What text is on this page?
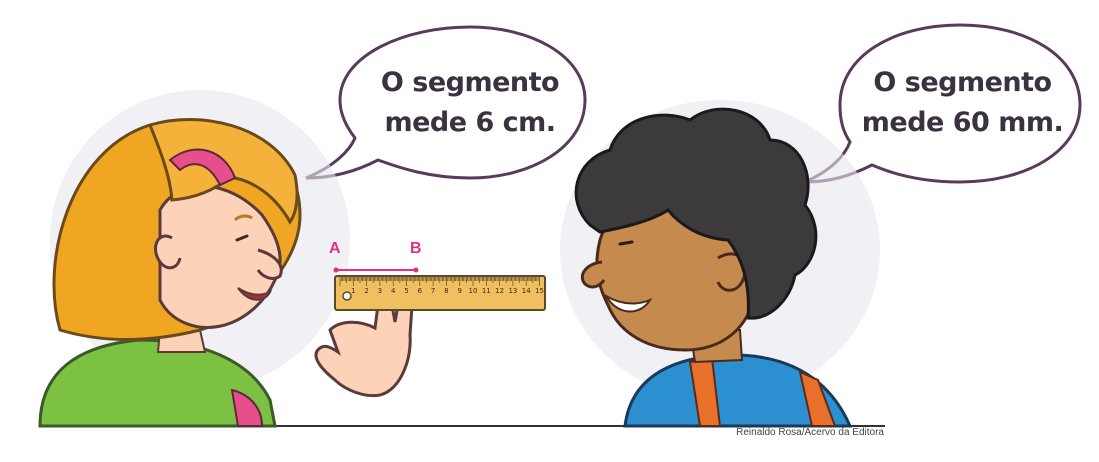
1 2 3 4 5 6 7 8 9 10 11 12 13 14 15
O segmento
mede 6 cm.
O segmento
mede 60 mm.
A	B
Reinaldo Rosa/Acervo da Editora
